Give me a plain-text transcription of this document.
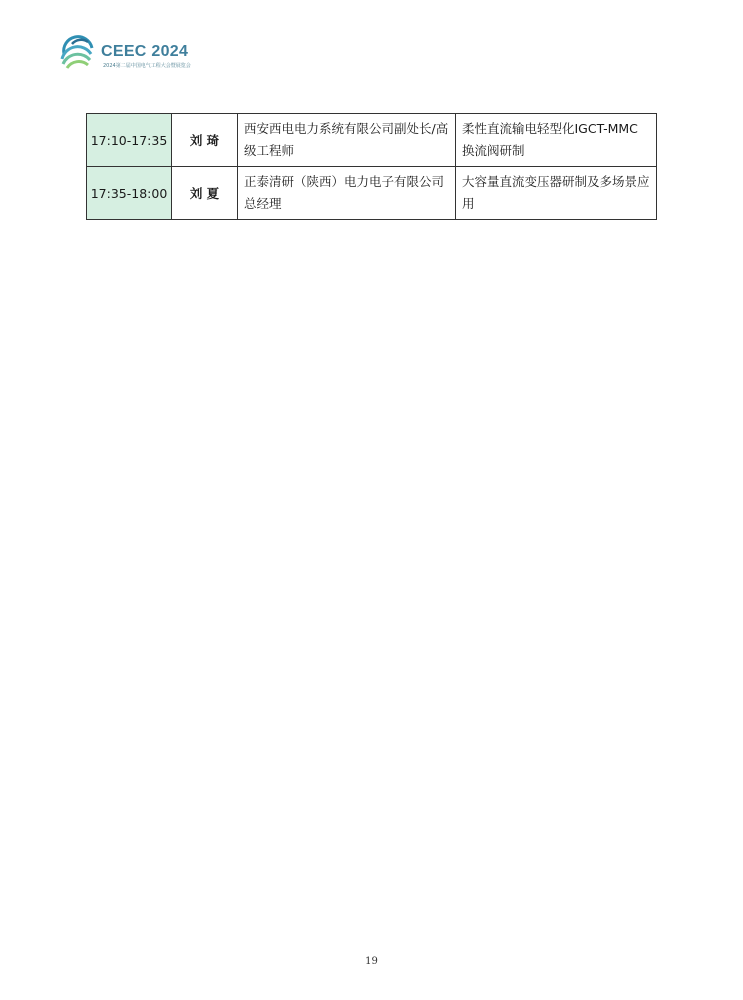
CEEC 2024
2024第二届中国电气工程大会暨展览会
17:10-17:35	刘 琦	西安西电电力系统有限公司副处长/高级工程师	柔性直流输电轻型化IGCT-MMC换流阀研制
17:35-18:00	刘 夏	正泰清研（陕西）电力电子有限公司总经理	大容量直流变压器研制及多场景应用
19
